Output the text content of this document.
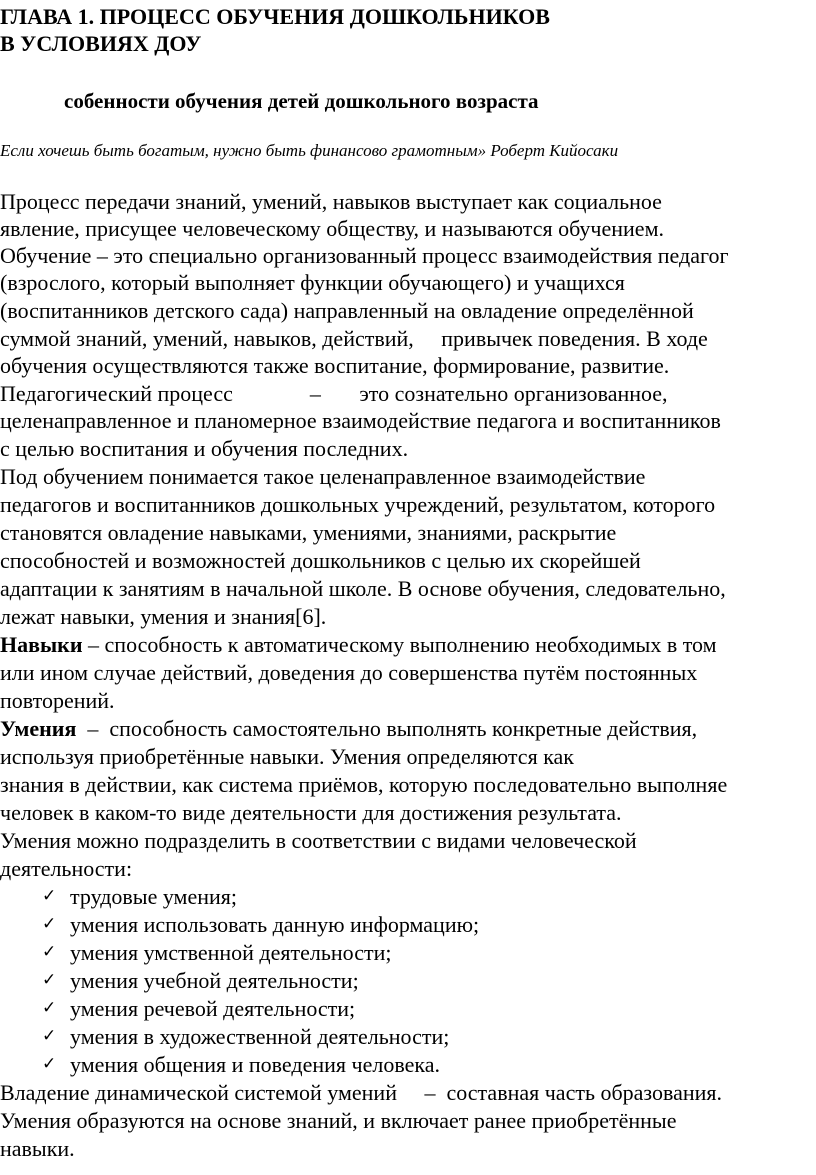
ГЛАВА 1. ПРОЦЕСС ОБУЧЕНИЯ ДОШКОЛЬНИКОВ
В УСЛОВИЯХ ДОУ
собенности обучения детей дошкольного возраста
Если хочешь быть богатым, нужно быть финансово грамотным» Роберт Кийосаки
Процесс передачи знаний, умений, навыков выступает как социальное
явление, присущее человеческому обществу, и называются обучением.
Обучение – это специально организованный процесс взаимодействия педагог
(взрослого, который выполняет функции обучающего) и учащихся
(воспитанников детского сада) направленный на овладение определённой
суммой знаний, умений, навыков, действий,     привычек поведения. В ходе
обучения осуществляются также воспитание, формирование, развитие.
Педагогический процесс              –       это сознательно организованное,
целенаправленное и планомерное взаимодействие педагога и воспитанников
с целью воспитания и обучения последних.
Под обучением понимается такое целенаправленное взаимодействие
педагогов и воспитанников дошкольных учреждений, результатом, которого
становятся овладение навыками, умениями, знаниями, раскрытие
способностей и возможностей дошкольников с целью их скорейшей
адаптации к занятиям в начальной школе. В основе обучения, следовательно,
лежат навыки, умения и знания[6].
Навыки – способность к автоматическому выполнению необходимых в том
или ином случае действий, доведения до совершенства путём постоянных
повторений.
Умения  –  способность самостоятельно выполнять конкретные действия,
используя приобретённые навыки. Умения определяются как
знания в действии, как система приёмов, которую последовательно выполняе
человек в каком-то виде деятельности для достижения результата.
Умения можно подразделить в соответствии с видами человеческой
деятельности:
✓ трудовые умения;
✓ умения использовать данную информацию;
✓ умения умственной деятельности;
✓ умения учебной деятельности;
✓ умения речевой деятельности;
✓ умения в художественной деятельности;
✓ умения общения и поведения человека.
Владение динамической системой умений     –  составная часть образования.
Умения образуются на основе знаний, и включает ранее приобретённые
навыки.
